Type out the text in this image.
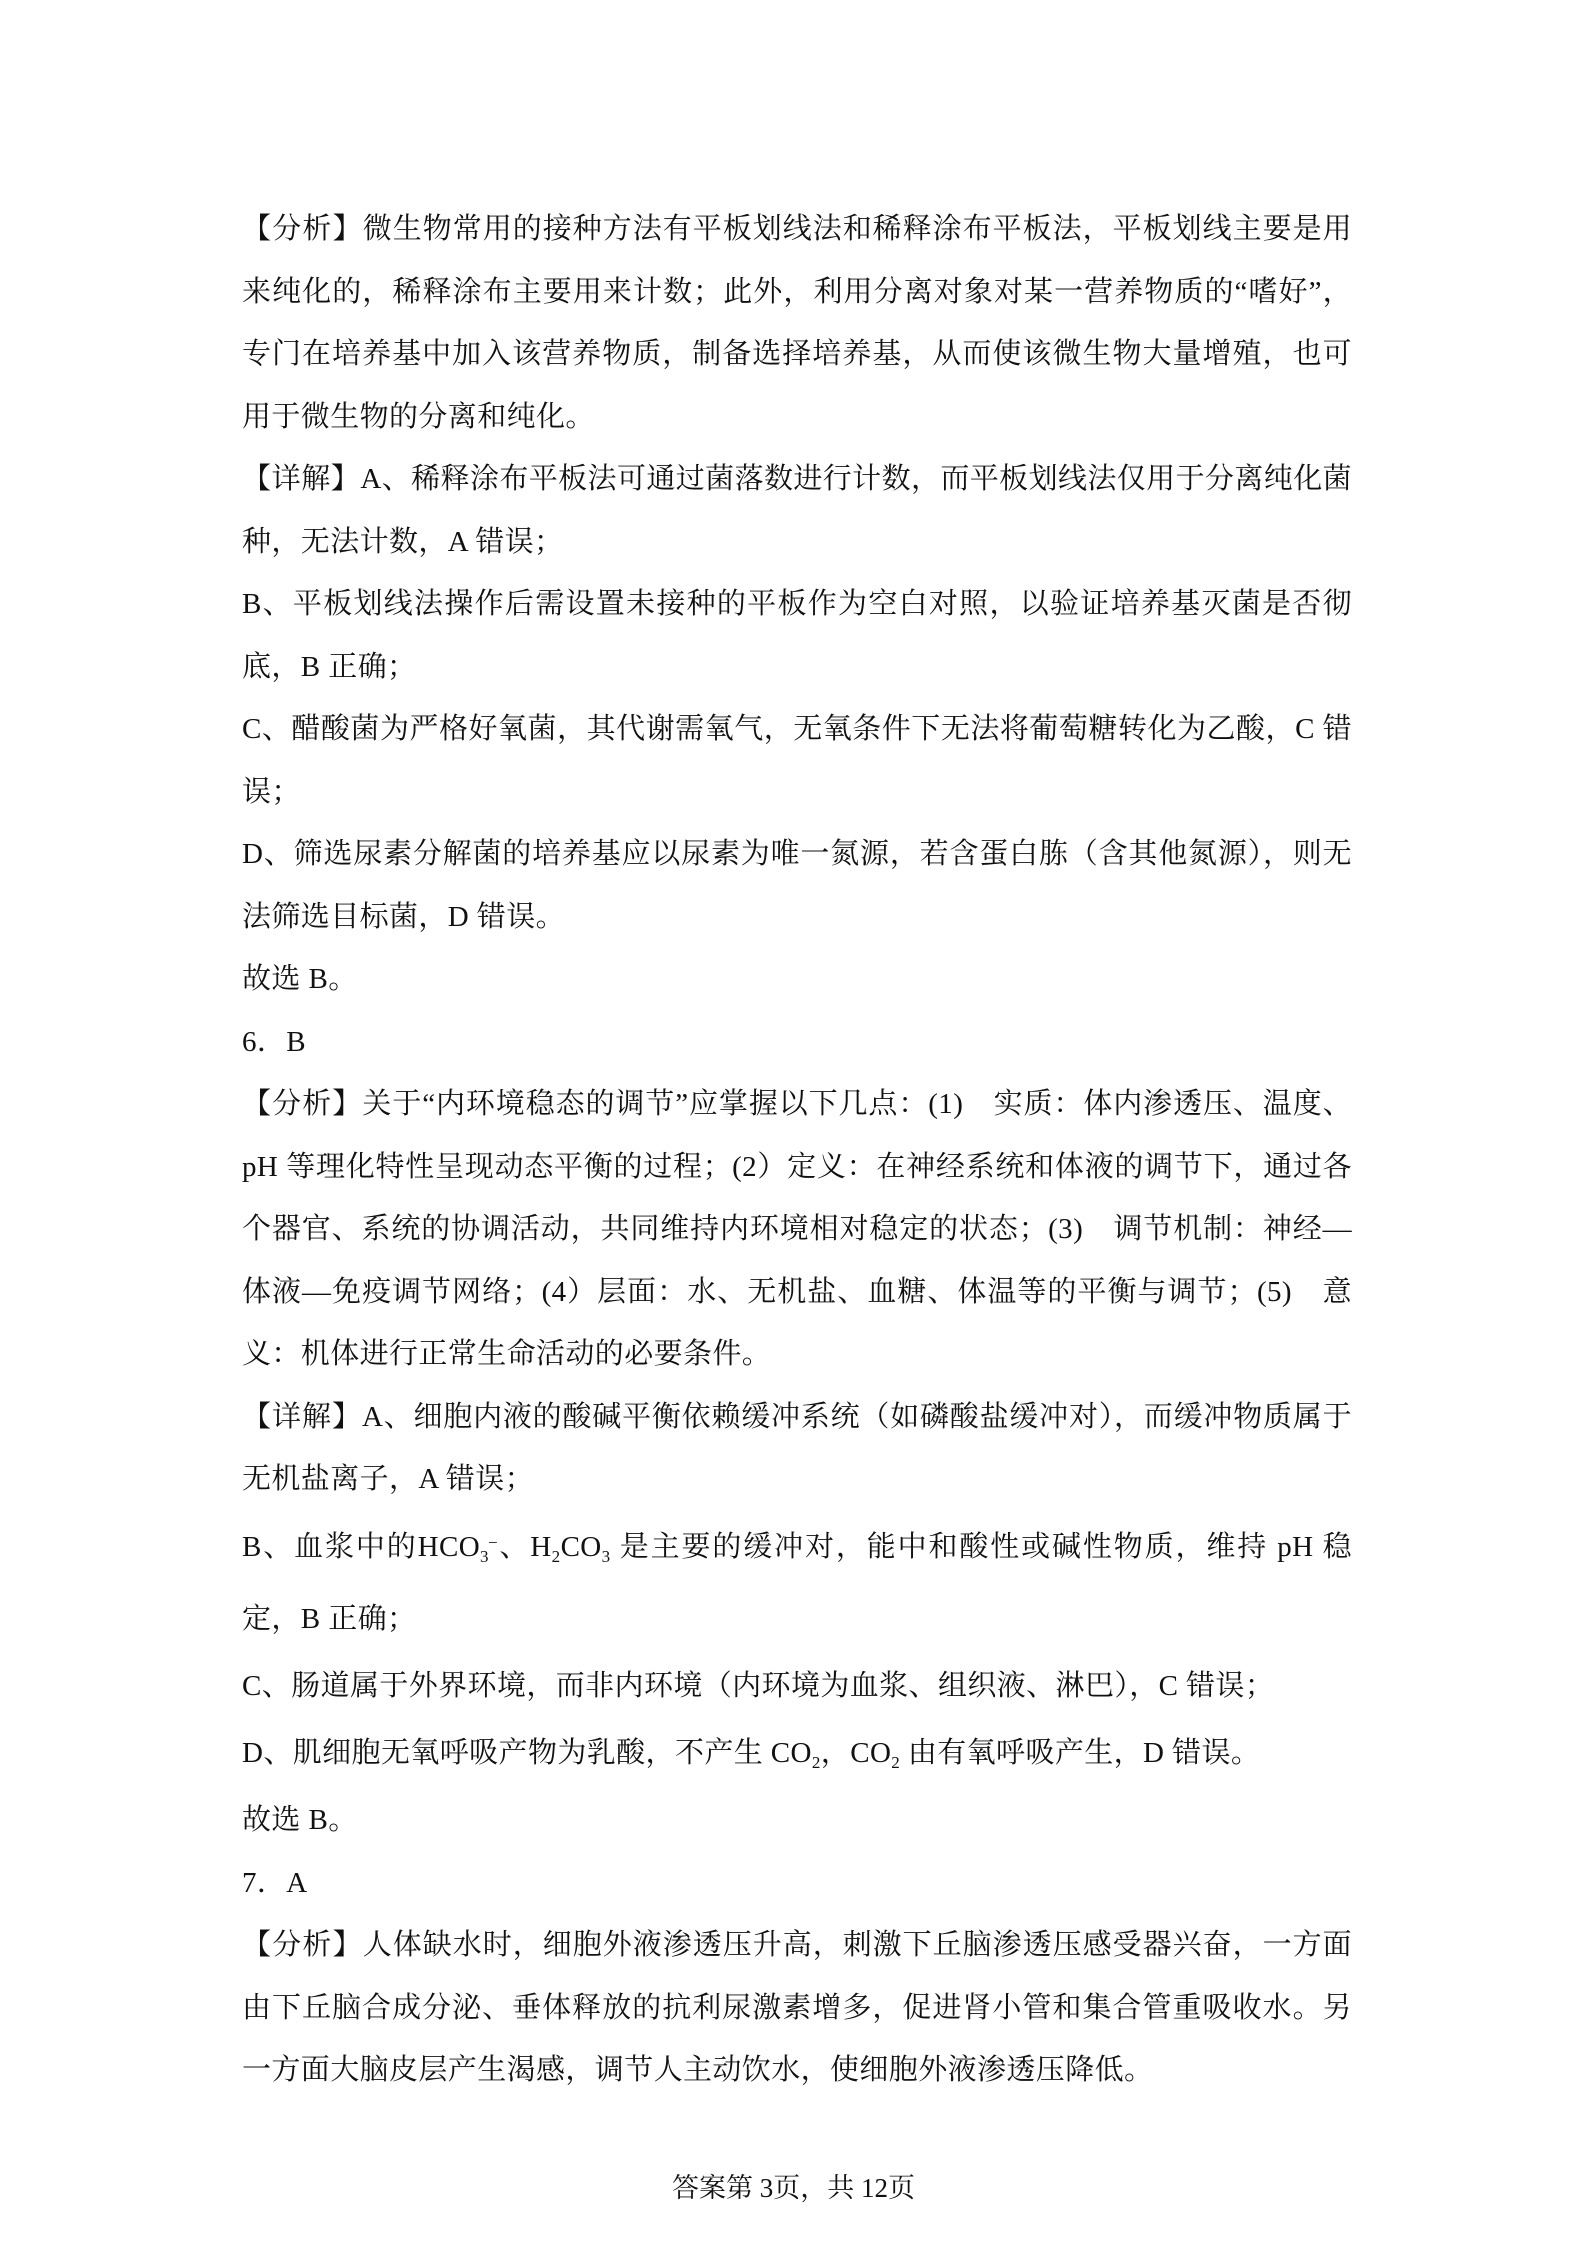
【分析】微生物常用的接种方法有平板划线法和稀释涂布平板法，平板划线主要是用来纯化的，稀释涂布主要用来计数；此外，利用分离对象对某一营养物质的“嗜好”，专门在培养基中加入该营养物质，制备选择培养基，从而使该微生物大量增殖，也可用于微生物的分离和纯化。

【详解】A、稀释涂布平板法可通过菌落数进行计数，而平板划线法仅用于分离纯化菌种，无法计数，A 错误；

B、平板划线法操作后需设置未接种的平板作为空白对照，以验证培养基灭菌是否彻底，B 正确；

C、醋酸菌为严格好氧菌，其代谢需氧气，无氧条件下无法将葡萄糖转化为乙酸，C 错误；

D、筛选尿素分解菌的培养基应以尿素为唯一氮源，若含蛋白胨（含其他氮源），则无法筛选目标菌，D 错误。

故选 B。

6．B

【分析】关于“内环境稳态的调节”应掌握以下几点：(1)　实质：体内渗透压、温度、pH 等理化特性呈现动态平衡的过程；(2）定义：在神经系统和体液的调节下，通过各个器官、系统的协调活动，共同维持内环境相对稳定的状态；(3)　调节机制：神经—体液—免疫调节网络；(4）层面：水、无机盐、血糖、体温等的平衡与调节；(5)　意义：机体进行正常生命活动的必要条件。

【详解】A、细胞内液的酸碱平衡依赖缓冲系统（如磷酸盐缓冲对），而缓冲物质属于无机盐离子，A 错误；

B、血浆中的$HCO_3^-$、$H_2CO_3$ 是主要的缓冲对，能中和酸性或碱性物质，维持 pH 稳定，B 正确；

C、肠道属于外界环境，而非内环境（内环境为血浆、组织液、淋巴），C 错误；

D、肌细胞无氧呼吸产物为乳酸，不产生 $CO_2$，$CO_2$ 由有氧呼吸产生，D 错误。

故选 B。

7．A

【分析】人体缺水时，细胞外液渗透压升高，刺激下丘脑渗透压感受器兴奋，一方面由下丘脑合成分泌、垂体释放的抗利尿激素增多，促进肾小管和集合管重吸收水。另一方面大脑皮层产生渴感，调节人主动饮水，使细胞外液渗透压降低。

答案第 3页，共 12页
